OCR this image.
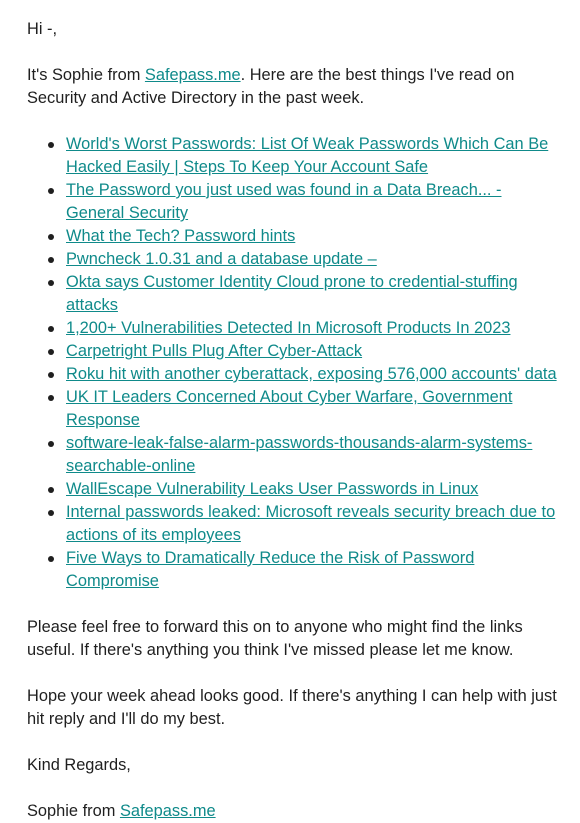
Hi -,

It's Sophie from Safepass.me. Here are the best things I've read on Security and Active Directory in the past week.

World's Worst Passwords: List Of Weak Passwords Which Can Be Hacked Easily | Steps To Keep Your Account Safe
The Password you just used was found in a Data Breach... - General Security
What the Tech? Password hints
Pwncheck 1.0.31 and a database update –
Okta says Customer Identity Cloud prone to credential-stuffing attacks
1,200+ Vulnerabilities Detected In Microsoft Products In 2023
Carpetright Pulls Plug After Cyber-Attack
Roku hit with another cyberattack, exposing 576,000 accounts' data
UK IT Leaders Concerned About Cyber Warfare, Government Response
software-leak-false-alarm-passwords-thousands-alarm-systems-searchable-online
WallEscape Vulnerability Leaks User Passwords in Linux
Internal passwords leaked: Microsoft reveals security breach due to actions of its employees
Five Ways to Dramatically Reduce the Risk of Password Compromise

Please feel free to forward this on to anyone who might find the links useful. If there's anything you think I've missed please let me know.

Hope your week ahead looks good. If there's anything I can help with just hit reply and I'll do my best.

Kind Regards,

Sophie from Safepass.me
